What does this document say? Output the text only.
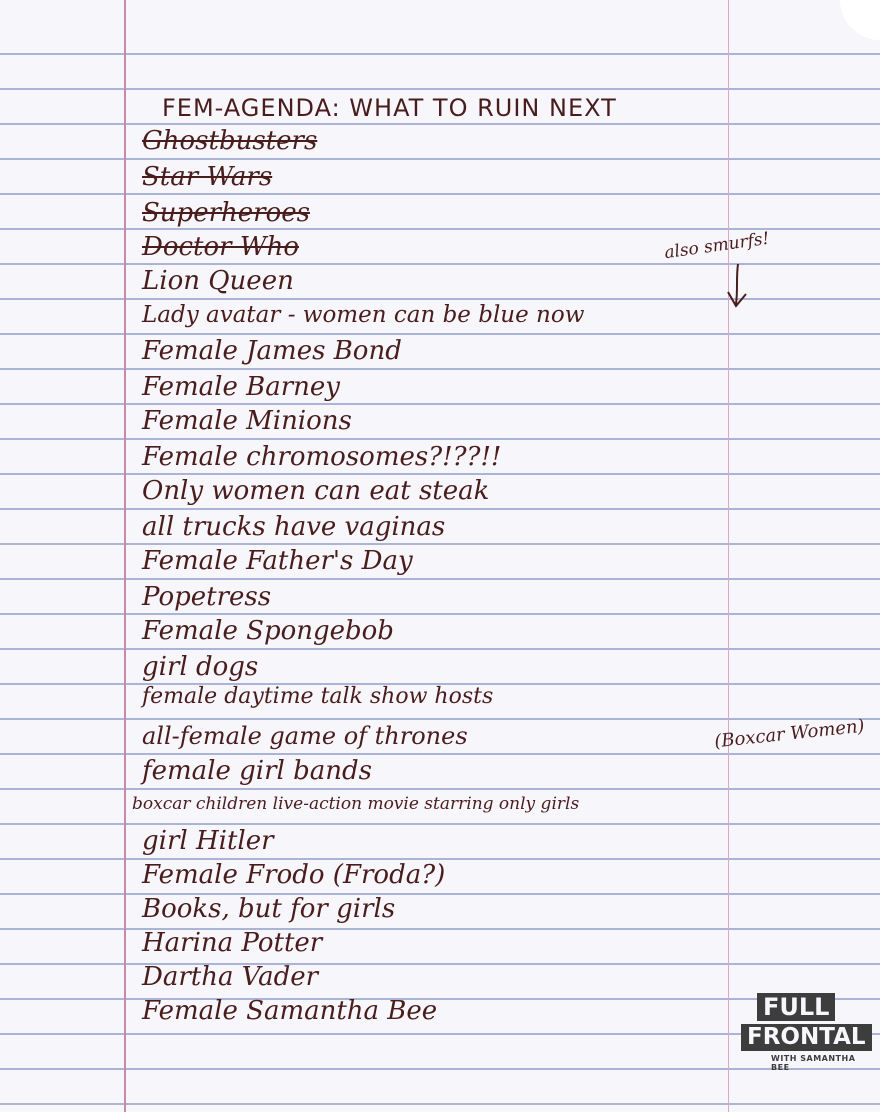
FEM-AGENDA: WHAT TO RUIN NEXT
Ghostbusters
Star Wars
Superheroes
Doctor Who
Lion Queen
Lady avatar - women can be blue now
Female James Bond
Female Barney
Female Minions
Female chromosomes?!??!!
Only women can eat steak
all trucks have vaginas
Female Father's Day
Popetress
Female Spongebob
girl dogs
female daytime talk show hosts
all-female game of thrones
female girl bands
boxcar children live-action movie starring only girls
girl Hitler
Female Frodo (Froda?)
Books, but for girls
Harina Potter
Dartha Vader
Female Samantha Bee
also smurfs!
(Boxcar Women)
FULL
FRONTAL
WITH SAMANTHA BEE
